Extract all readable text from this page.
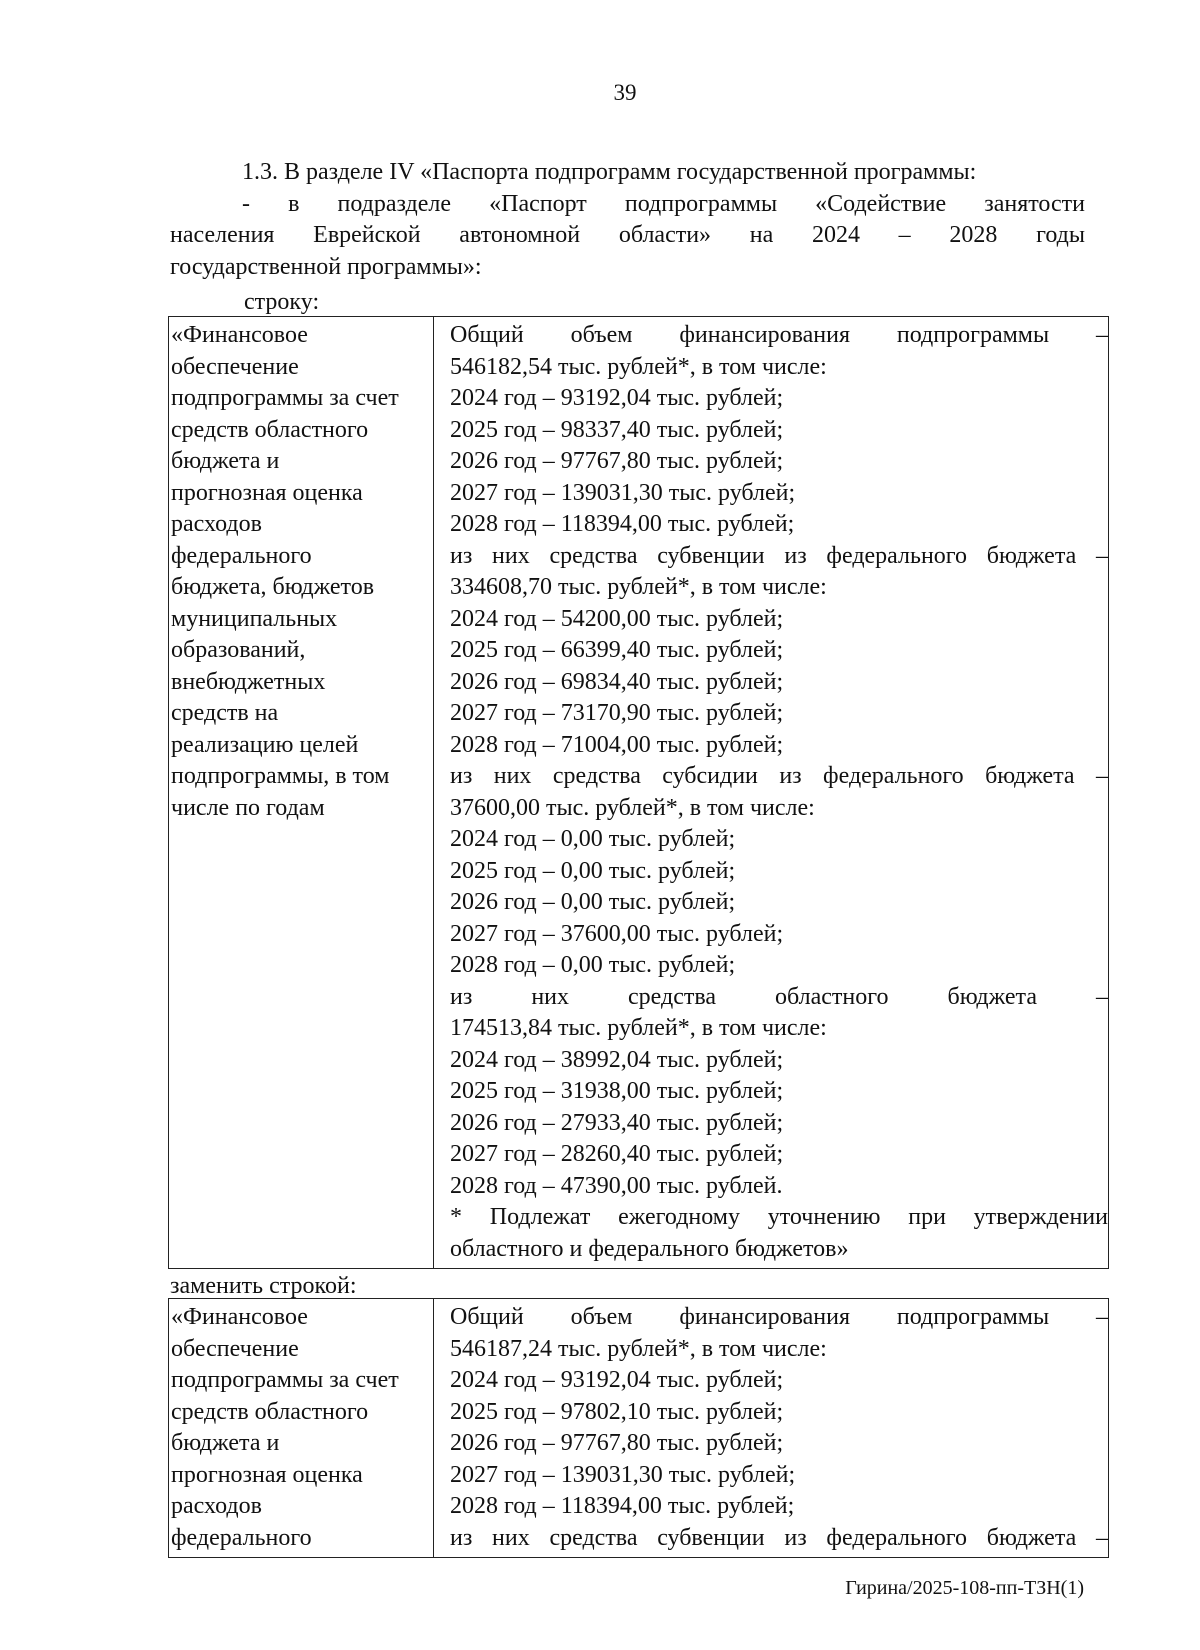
39

1.3. В разделе IV «Паспорта подпрограмм государственной программы:

- в подразделе «Паспорт подпрограммы «Содействие занятости

населения Еврейской автономной области» на 2024 – 2028 годы

государственной программы»:

строку:
«Финансовое
обеспечение
подпрограммы за счет
средств областного
бюджета и
прогнозная оценка
расходов
федерального
бюджета, бюджетов
муниципальных
образований,
внебюджетных
средств на
реализацию целей
подпрограммы, в том
числе по годам

Общий объем финансирования подпрограммы –
546182,54 тыс. рублей*, в том числе:
2024 год – 93192,04 тыс. рублей;
2025 год – 98337,40 тыс. рублей;
2026 год – 97767,80 тыс. рублей;
2027 год – 139031,30 тыс. рублей;
2028 год – 118394,00 тыс. рублей;
из них средства субвенции из федерального бюджета –
334608,70 тыс. рублей*, в том числе:
2024 год – 54200,00 тыс. рублей;
2025 год – 66399,40 тыс. рублей;
2026 год – 69834,40 тыс. рублей;
2027 год – 73170,90 тыс. рублей;
2028 год – 71004,00 тыс. рублей;
из них средства субсидии из федерального бюджета –
37600,00 тыс. рублей*, в том числе:
2024 год – 0,00 тыс. рублей;
2025 год – 0,00 тыс. рублей;
2026 год – 0,00 тыс. рублей;
2027 год – 37600,00 тыс. рублей;
2028 год – 0,00 тыс. рублей;
из них средства областного бюджета –
174513,84 тыс. рублей*, в том числе:
2024 год – 38992,04 тыс. рублей;
2025 год – 31938,00 тыс. рублей;
2026 год – 27933,40 тыс. рублей;
2027 год – 28260,40 тыс. рублей;
2028 год – 47390,00 тыс. рублей.
* Подлежат ежегодному уточнению при утверждении
областного и федерального бюджетов»
заменить строкой:
«Финансовое
обеспечение
подпрограммы за счет
средств областного
бюджета и
прогнозная оценка
расходов
федерального

Общий объем финансирования подпрограммы –
546187,24 тыс. рублей*, в том числе:
2024 год – 93192,04 тыс. рублей;
2025 год – 97802,10 тыс. рублей;
2026 год – 97767,80 тыс. рублей;
2027 год – 139031,30 тыс. рублей;
2028 год – 118394,00 тыс. рублей;
из них средства субвенции из федерального бюджета –
Гирина/2025-108-пп-ТЗН(1)
